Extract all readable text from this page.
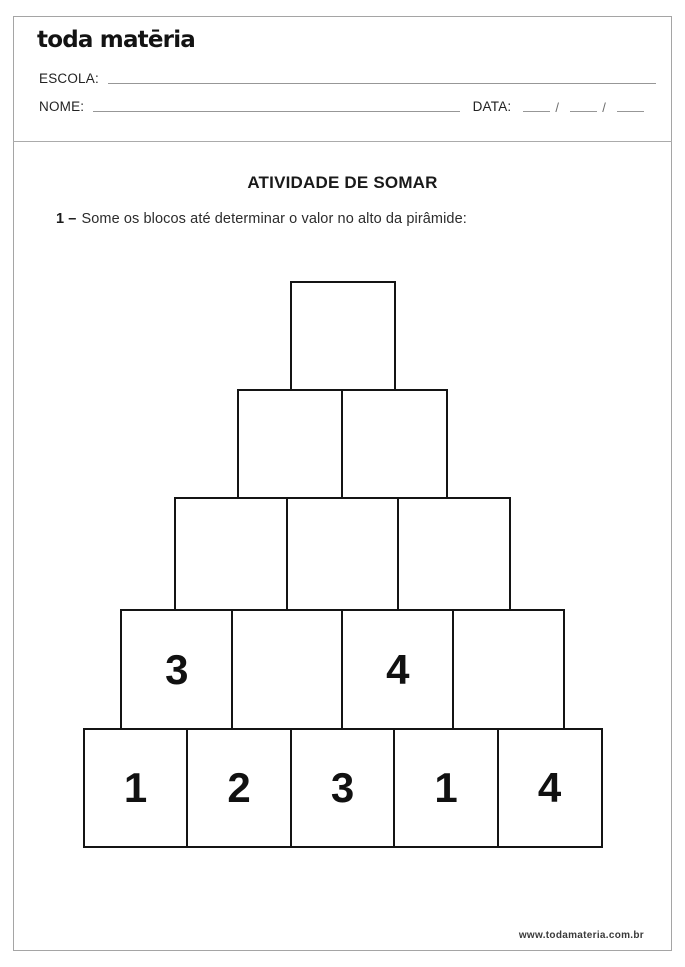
toda matēria
ESCOLA:
NOME:	DATA:	/	/
ATIVIDADE DE SOMAR
1 – Some os blocos até determinar o valor no alto da pirâmide:
3	4
1	2	3	1	4
www.todamateria.com.br
